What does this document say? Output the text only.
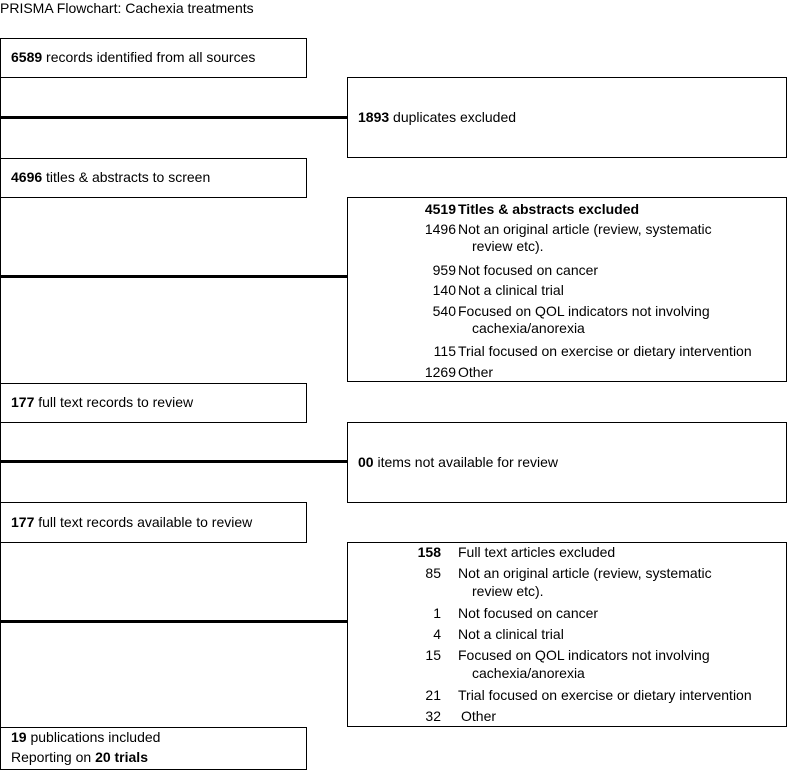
PRISMA Flowchart: Cachexia treatments
6589 records identified from all sources
4696 titles & abstracts to screen
177 full text records to review
177 full text records available to review
19 publications included
Reporting on 20 trials
1893 duplicates excluded
4519 Titles & abstracts excluded
1496 Not an original article (review, systematic
review etc).
959 Not focused on cancer
140 Not a clinical trial
540 Focused on QOL indicators not involving
cachexia/anorexia
115 Trial focused on exercise or dietary intervention
1269 Other
00 items not available for review
158 Full text articles excluded
85 Not an original article (review, systematic
review etc).
1 Not focused on cancer
4 Not a clinical trial
15 Focused on QOL indicators not involving
cachexia/anorexia
21 Trial focused on exercise or dietary intervention
32 Other
